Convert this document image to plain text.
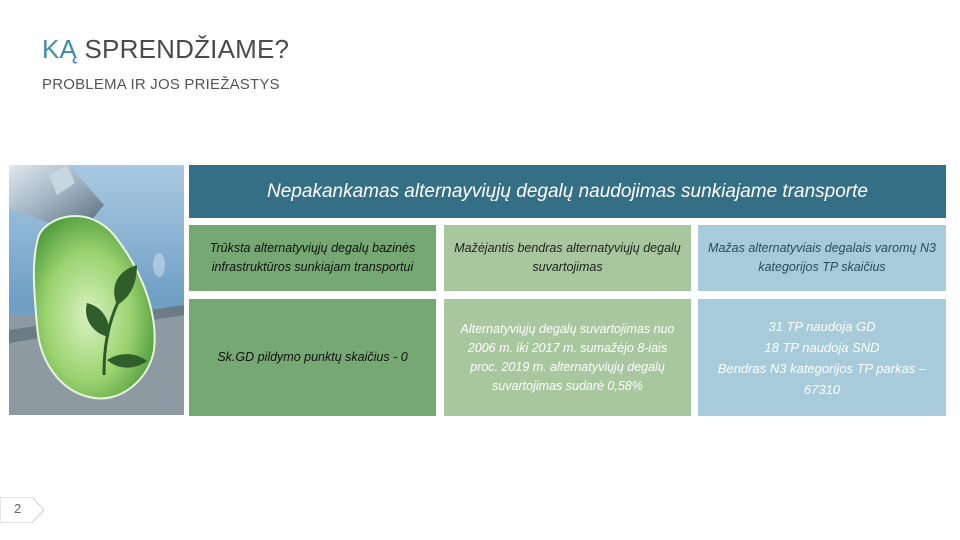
KĄ SPRENDŽIAME?
PROBLEMA IR JOS PRIEŽASTYS
Nepakankamas alternayviųjų degalų naudojimas sunkiajame transporte
Trūksta alternatyviųjų degalų bazinės infrastruktūros sunkiajam transportui
Mažėjantis bendras alternatyviųjų degalų suvartojimas
Mažas alternatyviais degalais varomų N3 kategorijos TP skaičius
Sk.GD pildymo punktų skaičius - 0
Alternatyviųjų degalų suvartojimas nuo 2006 m. iki 2017 m. sumažėjo 8-iais proc. 2019 m. alternatyviųjų degalų suvartojimas sudarė 0,58%
31 TP naudoja GD
18 TP naudoja SND
Bendras N3 kategorijos TP parkas – 67310
2
